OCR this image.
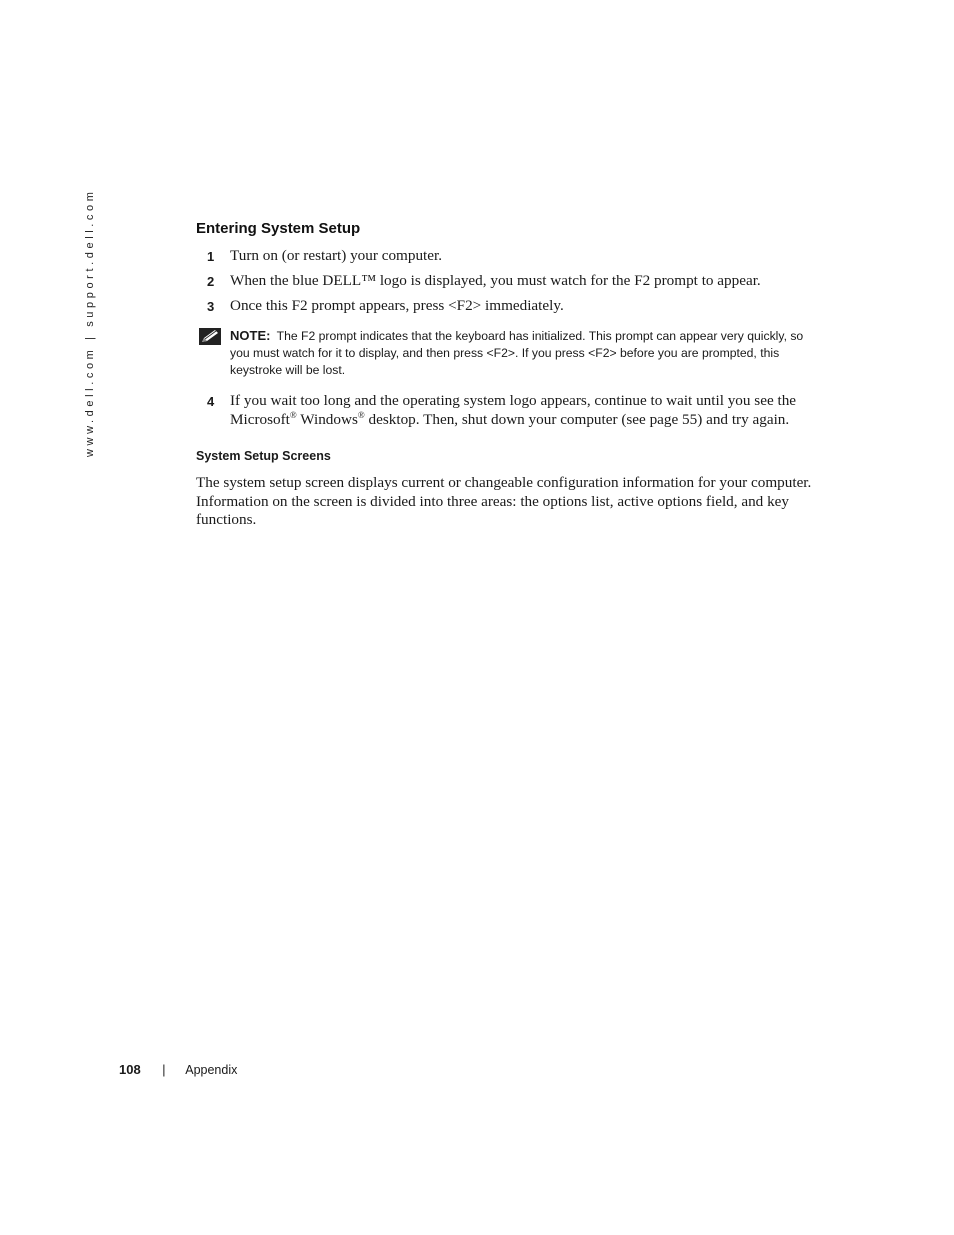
www.dell.com | support.dell.com	Entering System Setup
1 Turn on (or restart) your computer.
2 When the blue DELL™ logo is displayed, you must watch for the F2 prompt to appear.
3 Once this F2 prompt appears, press <F2> immediately.
NOTE: The F2 prompt indicates that the keyboard has initialized. This prompt can appear very quickly, so you must watch for it to display, and then press <F2>. If you press <F2> before you are prompted, this keystroke will be lost.
4 If you wait too long and the operating system logo appears, continue to wait until you see the Microsoft® Windows® desktop. Then, shut down your computer (see page 55) and try again.
System Setup Screens

The system setup screen displays current or changeable configuration information for your computer. Information on the screen is divided into three areas: the options list, active options field, and key functions.

108 | Appendix
